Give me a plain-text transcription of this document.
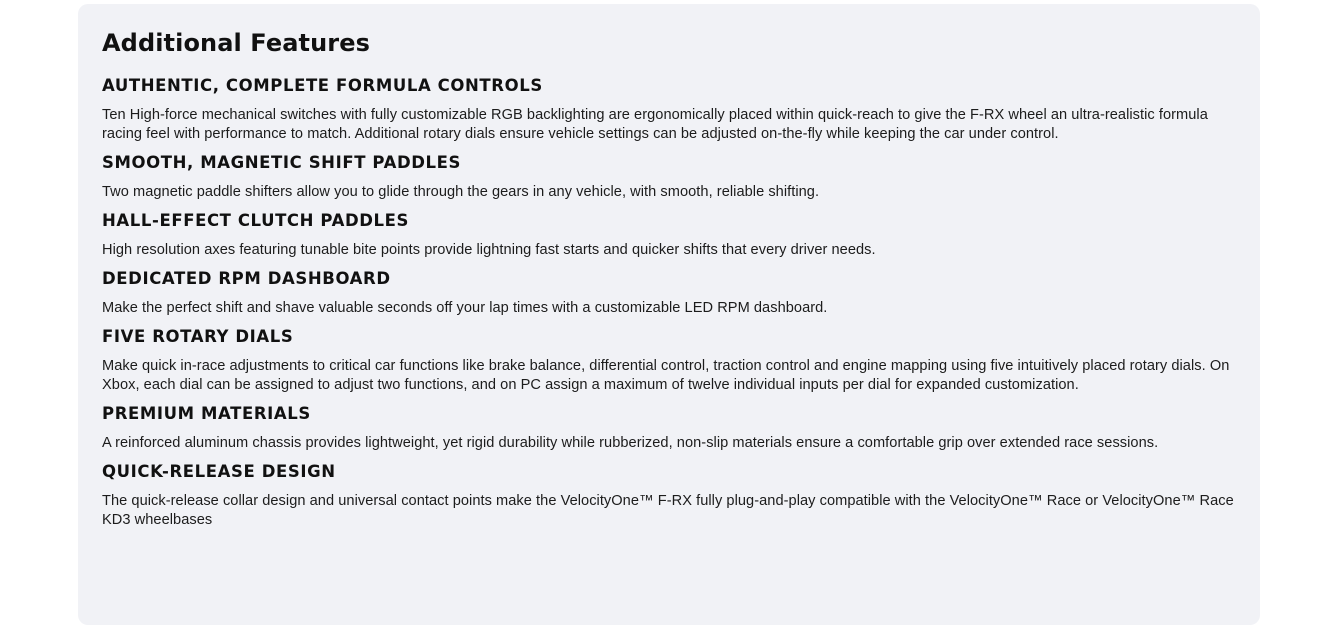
Additional Features
AUTHENTIC, COMPLETE FORMULA CONTROLS

Ten High-force mechanical switches with fully customizable RGB backlighting are ergonomically placed within quick-reach to give the F-RX wheel an ultra-realistic formula racing feel with performance to match. Additional rotary dials ensure vehicle settings can be adjusted on-the-fly while keeping the car under control.

SMOOTH, MAGNETIC SHIFT PADDLES

Two magnetic paddle shifters allow you to glide through the gears in any vehicle, with smooth, reliable shifting.

HALL-EFFECT CLUTCH PADDLES

High resolution axes featuring tunable bite points provide lightning fast starts and quicker shifts that every driver needs.

DEDICATED RPM DASHBOARD

Make the perfect shift and shave valuable seconds off your lap times with a customizable LED RPM dashboard.

FIVE ROTARY DIALS

Make quick in-race adjustments to critical car functions like brake balance, differential control, traction control and engine mapping using five intuitively placed rotary dials. On Xbox, each dial can be assigned to adjust two functions, and on PC assign a maximum of twelve individual inputs per dial for expanded customization.

PREMIUM MATERIALS

A reinforced aluminum chassis provides lightweight, yet rigid durability while rubberized, non-slip materials ensure a comfortable grip over extended race sessions.

QUICK-RELEASE DESIGN

The quick-release collar design and universal contact points make the VelocityOne™ F-RX fully plug-and-play compatible with the VelocityOne™ Race or VelocityOne™ Race KD3 wheelbases
